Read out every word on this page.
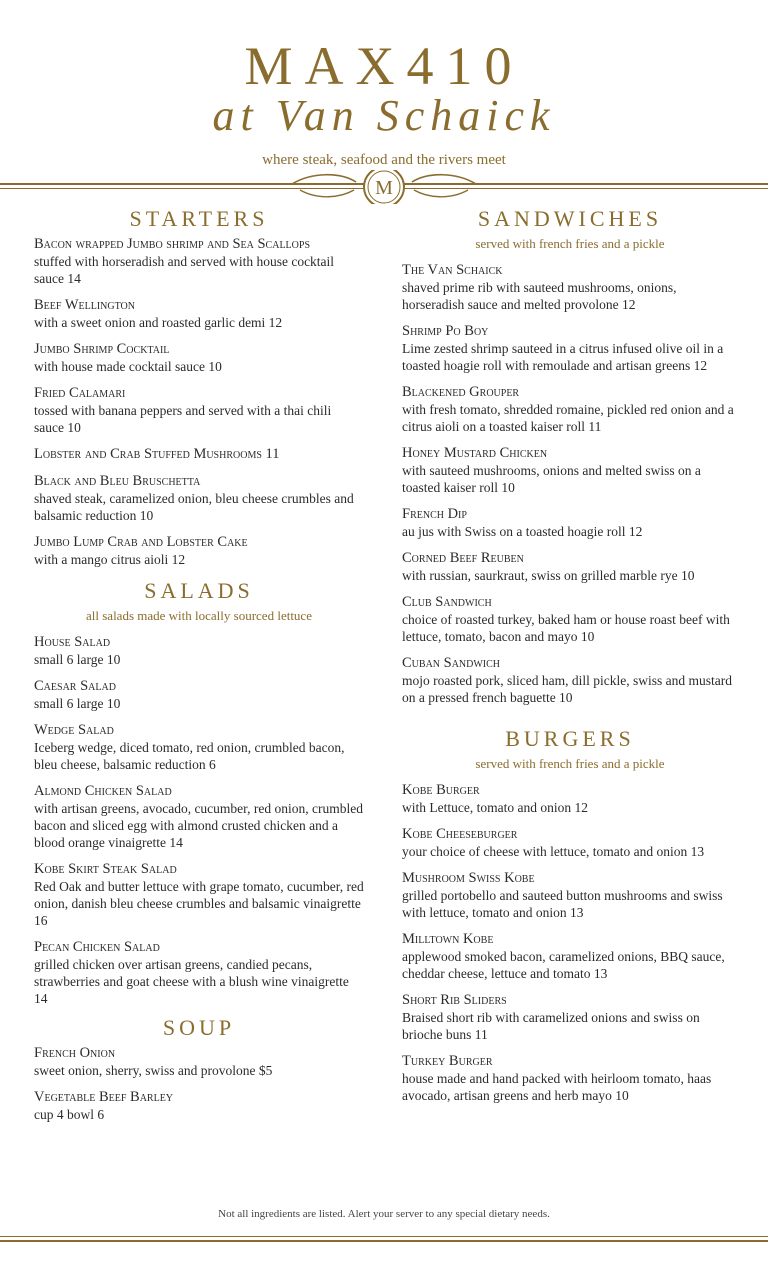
MAX410
at Van Schaick
where steak, seafood and the rivers meet
M
STARTERS
Bacon wrapped Jumbo shrimp and Sea Scallops
stuffed with horseradish and served with house cocktail sauce 14
Beef Wellington
with a sweet onion and roasted garlic demi 12
Jumbo Shrimp Cocktail
with house made cocktail sauce 10
Fried Calamari
tossed with banana peppers and served with a thai chili sauce 10
Lobster and Crab Stuffed Mushrooms 11
Black and Bleu Bruschetta
shaved steak, caramelized onion, bleu cheese crumbles and balsamic reduction 10
Jumbo Lump Crab and Lobster Cake
with a mango citrus aioli 12
SALADS
all salads made with locally sourced lettuce
House Salad
small 6 large 10
Caesar Salad
small 6 large 10
Wedge Salad
Iceberg wedge, diced tomato, red onion, crumbled bacon, bleu cheese, balsamic reduction 6
Almond Chicken Salad
with artisan greens, avocado, cucumber, red onion, crumbled bacon and sliced egg with almond crusted chicken and a blood orange vinaigrette 14
Kobe Skirt Steak Salad
Red Oak and butter lettuce with grape tomato, cucumber, red onion, danish bleu cheese crumbles and balsamic vinaigrette 16
Pecan Chicken Salad
grilled chicken over artisan greens, candied pecans, strawberries and goat cheese with a blush wine vinaigrette 14
SOUP
French Onion
sweet onion, sherry, swiss and provolone $5
Vegetable Beef Barley
cup 4 bowl 6
SANDWICHES
served with french fries and a pickle
The Van Schaick
shaved prime rib with sauteed mushrooms, onions, horseradish sauce and melted provolone 12
Shrimp Po Boy
Lime zested shrimp sauteed in a citrus infused olive oil in a toasted hoagie roll with remoulade and artisan greens 12
Blackened Grouper
with fresh tomato, shredded romaine, pickled red onion and a citrus aioli on a toasted kaiser roll 11
Honey Mustard Chicken
with sauteed mushrooms, onions and melted swiss on a toasted kaiser roll 10
French Dip
au jus with Swiss on a toasted hoagie roll 12
Corned Beef Reuben
with russian, saurkraut, swiss on grilled marble rye 10
Club Sandwich
choice of roasted turkey, baked ham or house roast beef with lettuce, tomato, bacon and mayo 10
Cuban Sandwich
mojo roasted pork, sliced ham, dill pickle, swiss and mustard on a pressed french baguette 10
BURGERS
served with french fries and a pickle
Kobe Burger
with Lettuce, tomato and onion 12
Kobe Cheeseburger
your choice of cheese with lettuce, tomato and onion 13
Mushroom Swiss Kobe
grilled portobello and sauteed button mushrooms and swiss with lettuce, tomato and onion 13
Milltown Kobe
applewood smoked bacon, caramelized onions, BBQ sauce, cheddar cheese, lettuce and tomato 13
Short Rib Sliders
Braised short rib with caramelized onions and swiss on brioche buns 11
Turkey Burger
house made and hand packed with heirloom tomato, haas avocado, artisan greens and herb mayo 10
Not all ingredients are listed. Alert your server to any special dietary needs.
